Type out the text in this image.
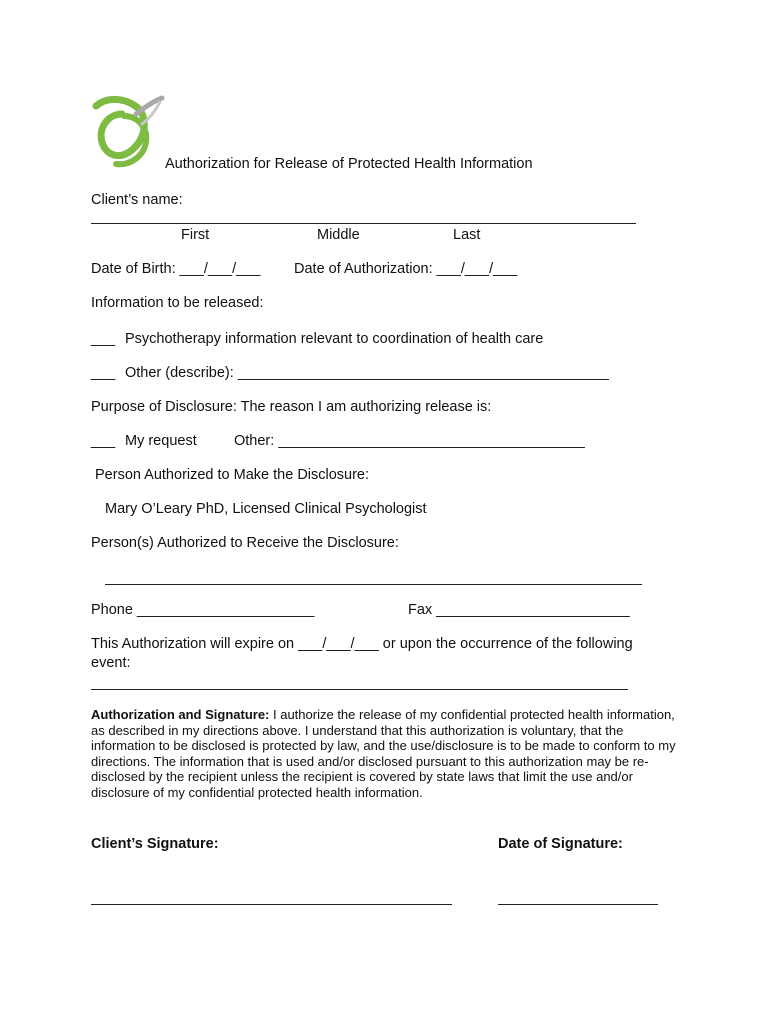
Authorization for Release of Protected Health Information
Client’s name:
First	Middle	Last
Date of Birth: ___/___/___ Date of Authorization: ___/___/___
Information to be released:
___ Psychotherapy information relevant to coordination of health care
___ Other (describe): ______________________________________________
Purpose of Disclosure: The reason I am authorizing release is:
___ My request	Other: ______________________________________
Person Authorized to Make the Disclosure:
Mary O’Leary PhD, Licensed Clinical Psychologist
Person(s) Authorized to Receive the Disclosure:
Phone ______________________	Fax ________________________
This Authorization will expire on ___/___/___ or upon the occurrence of the following
event:
Authorization and Signature: I authorize the release of my confidential protected health information, as described in my directions above. I understand that this authorization is voluntary, that the information to be disclosed is protected by law, and the use/disclosure is to be made to conform to my directions. The information that is used and/or disclosed pursuant to this authorization may be re-disclosed by the recipient unless the recipient is covered by state laws that limit the use and/or disclosure of my confidential protected health information.
Client’s Signature:	Date of Signature:
